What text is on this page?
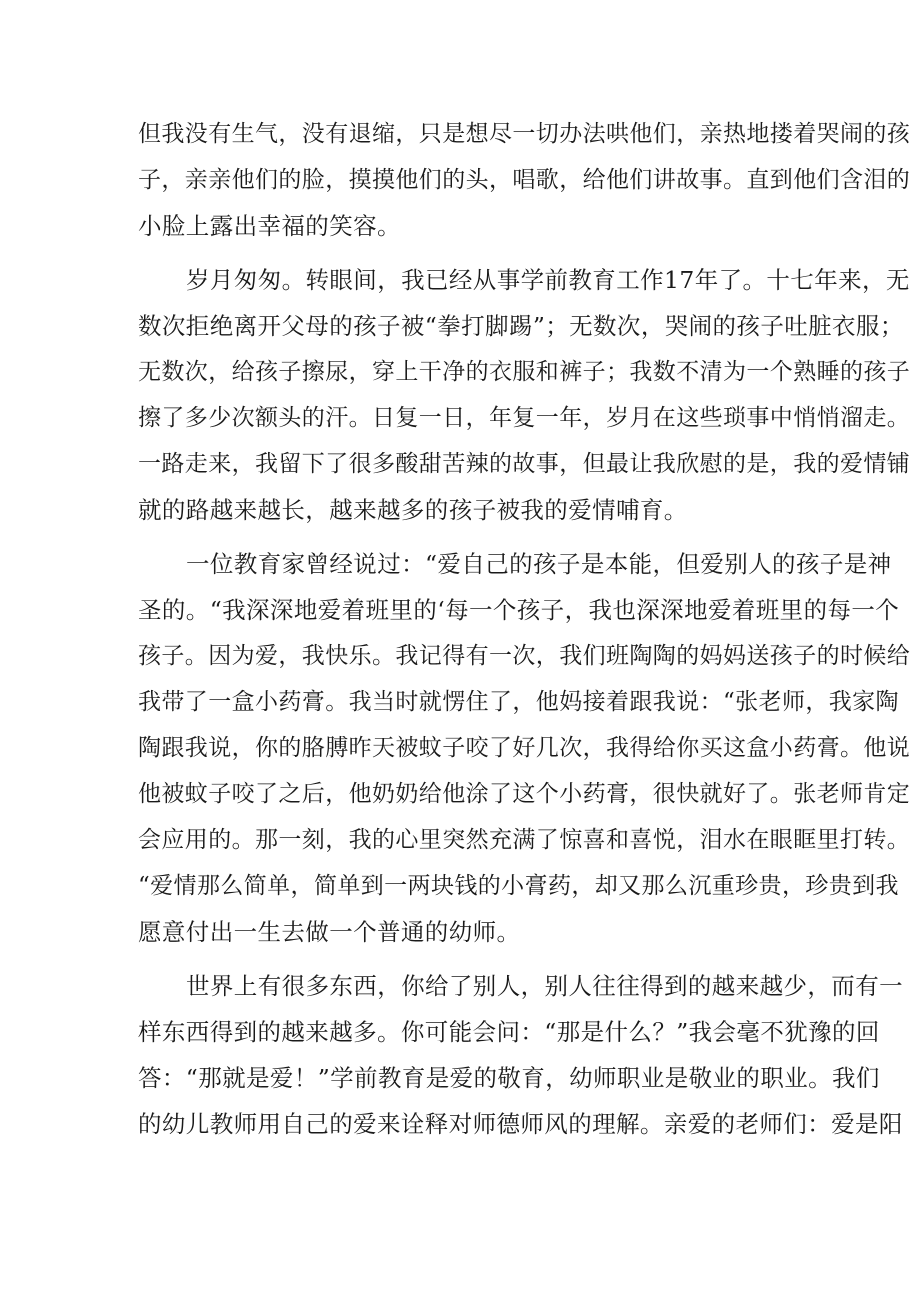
但我没有生气，没有退缩，只是想尽一切办法哄他们，亲热地搂着哭闹的孩
子，亲亲他们的脸，摸摸他们的头，唱歌，给他们讲故事。直到他们含泪的
小脸上露出幸福的笑容。
岁月匆匆。转眼间，我已经从事学前教育工作17年了。十七年来，无
数次拒绝离开父母的孩子被“拳打脚踢”；无数次，哭闹的孩子吐脏衣服；
无数次，给孩子擦尿，穿上干净的衣服和裤子；我数不清为一个熟睡的孩子
擦了多少次额头的汗。日复一日，年复一年，岁月在这些琐事中悄悄溜走。
一路走来，我留下了很多酸甜苦辣的故事，但最让我欣慰的是，我的爱情铺
就的路越来越长，越来越多的孩子被我的爱情哺育。
一位教育家曾经说过：“爱自己的孩子是本能，但爱别人的孩子是神
圣的。“我深深地爱着班里的‘每一个孩子，我也深深地爱着班里的每一个
孩子。因为爱，我快乐。我记得有一次，我们班陶陶的妈妈送孩子的时候给
我带了一盒小药膏。我当时就愣住了，他妈接着跟我说：“张老师，我家陶
陶跟我说，你的胳膊昨天被蚊子咬了好几次，我得给你买这盒小药膏。他说
他被蚊子咬了之后，他奶奶给他涂了这个小药膏，很快就好了。张老师肯定
会应用的。那一刻，我的心里突然充满了惊喜和喜悦，泪水在眼眶里打转。
“爱情那么简单，简单到一两块钱的小膏药，却又那么沉重珍贵，珍贵到我
愿意付出一生去做一个普通的幼师。
世界上有很多东西，你给了别人，别人往往得到的越来越少，而有一
样东西得到的越来越多。你可能会问：“那是什么？”我会毫不犹豫的回
答：“那就是爱！”学前教育是爱的敬育，幼师职业是敬业的职业。我们
的幼儿教师用自己的爱来诠释对师德师风的理解。亲爱的老师们：爱是阳
